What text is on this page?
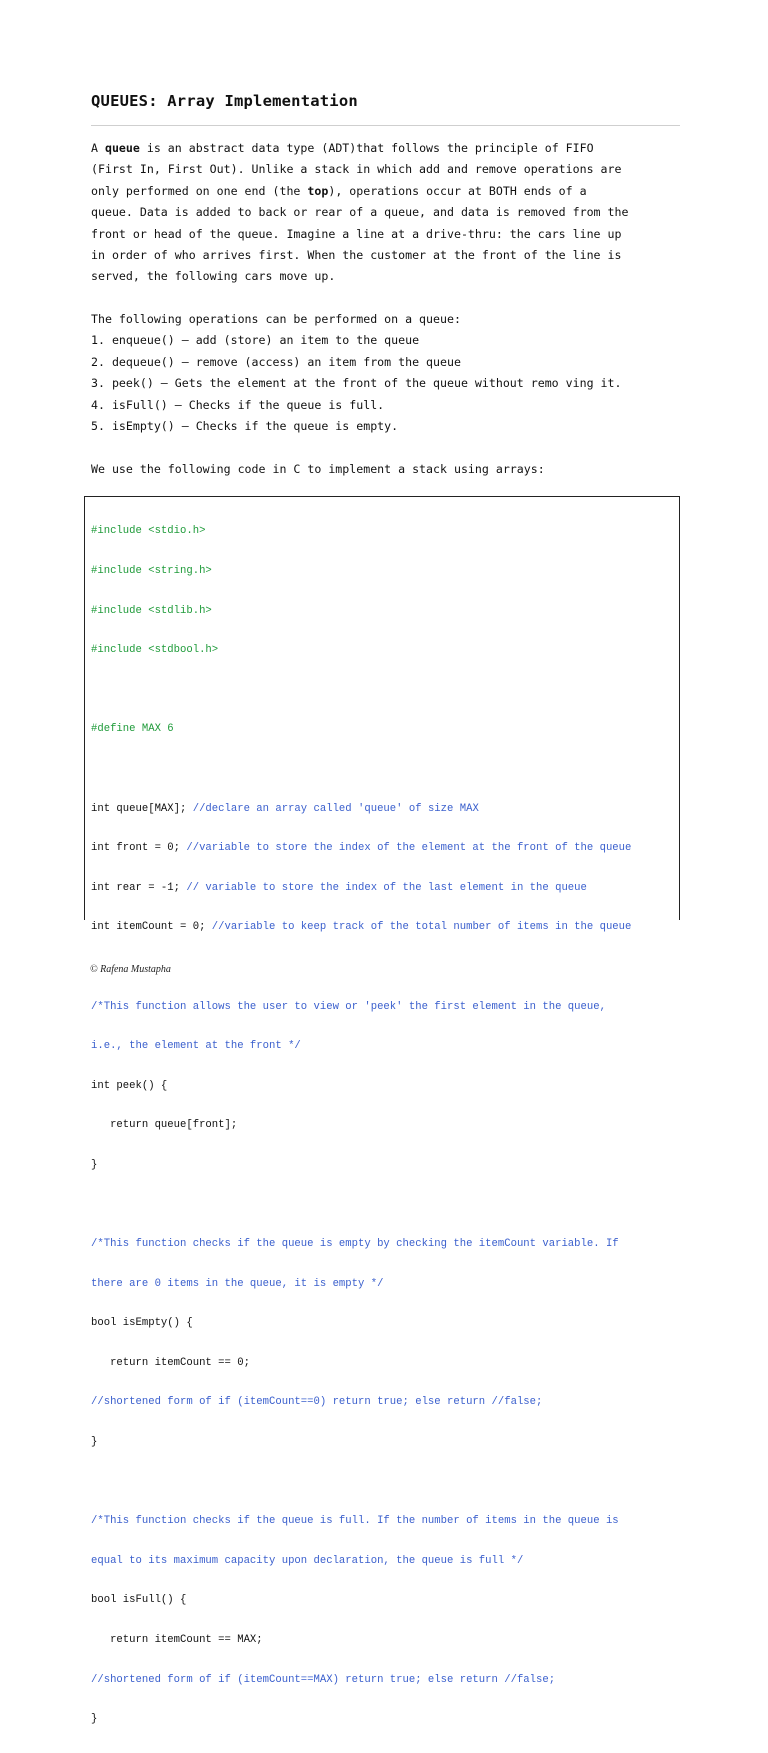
QUEUES: Array Implementation

A queue is an abstract data type (ADT)that follows the principle of FIFO
(First In, First Out). Unlike a stack in which add and remove operations are
only performed on one end (the top), operations occur at BOTH ends of a
queue. Data is added to back or rear of a queue, and data is removed from the
front or head of the queue. Imagine a line at a drive-thru: the cars line up
in order of who arrives first. When the customer at the front of the line is
served, the following cars move up.

The following operations can be performed on a queue:
1. enqueue() – add (store) an item to the queue
2. dequeue() – remove (access) an item from the queue
3. peek() – Gets the element at the front of the queue without remo ving it.
4. isFull() – Checks if the queue is full.
5. isEmpty() – Checks if the queue is empty.

We use the following code in C to implement a stack using arrays:

#include <stdio.h>

#include <string.h>

#include <stdlib.h>

#include <stdbool.h>

#define MAX 6

int queue[MAX]; //declare an array called 'queue' of size MAX

int front = 0; //variable to store the index of the element at the front of the queue

int rear = -1; // variable to store the index of the last element in the queue

int itemCount = 0; //variable to keep track of the total number of items in the queue

/*This function allows the user to view or 'peek' the first element in the queue,

i.e., the element at the front */

int peek() {

return queue[front];

}

/*This function checks if the queue is empty by checking the itemCount variable. If

there are 0 items in the queue, it is empty */

bool isEmpty() {

return itemCount == 0;

//shortened form of if (itemCount==0) return true; else return //false;

}

/*This function checks if the queue is full. If the number of items in the queue is

equal to its maximum capacity upon declaration, the queue is full */

bool isFull() {

return itemCount == MAX;

//shortened form of if (itemCount==MAX) return true; else return //false;

}

© Rafena Mustapha
